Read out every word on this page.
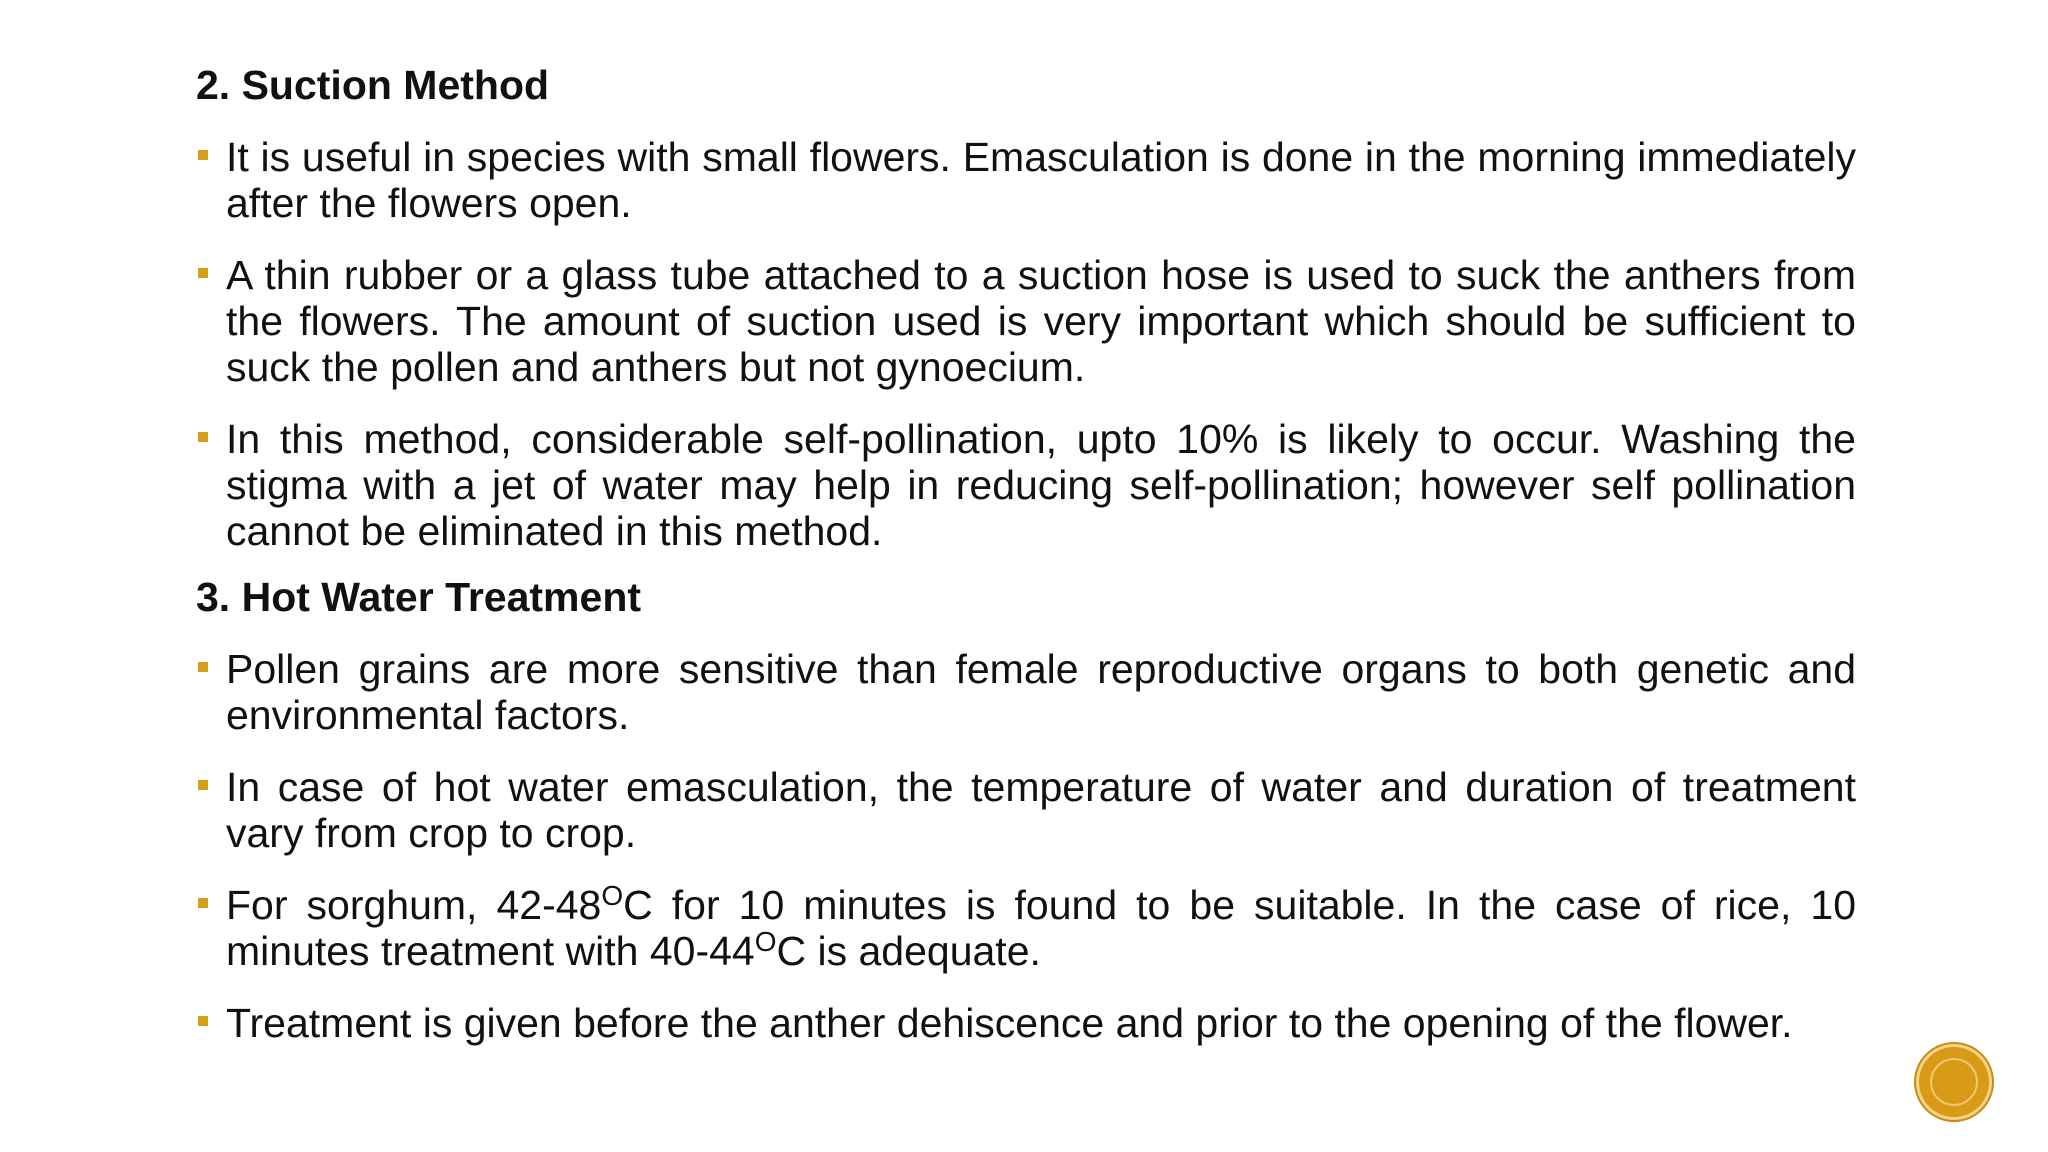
2. Suction Method
It is useful in species with small flowers. Emasculation is done in the morning immediately after the flowers open.
A thin rubber or a glass tube attached to a suction hose is used to suck the anthers from the flowers. The amount of suction used is very important which should be sufficient to suck the pollen and anthers but not gynoecium.
In this method, considerable self-pollination, upto 10% is likely to occur. Washing the stigma with a jet of water may help in reducing self-pollination; however self pollination cannot be eliminated in this method.
3. Hot Water Treatment
Pollen grains are more sensitive than female reproductive organs to both genetic and environmental factors.
In case of hot water emasculation, the temperature of water and duration of treatment vary from crop to crop.
For sorghum, $42-48^OC$ for 10 minutes is found to be suitable. In the case of rice, 10 minutes treatment with $40-44^OC$ is adequate.
Treatment is given before the anther dehiscence and prior to the opening of the flower.
